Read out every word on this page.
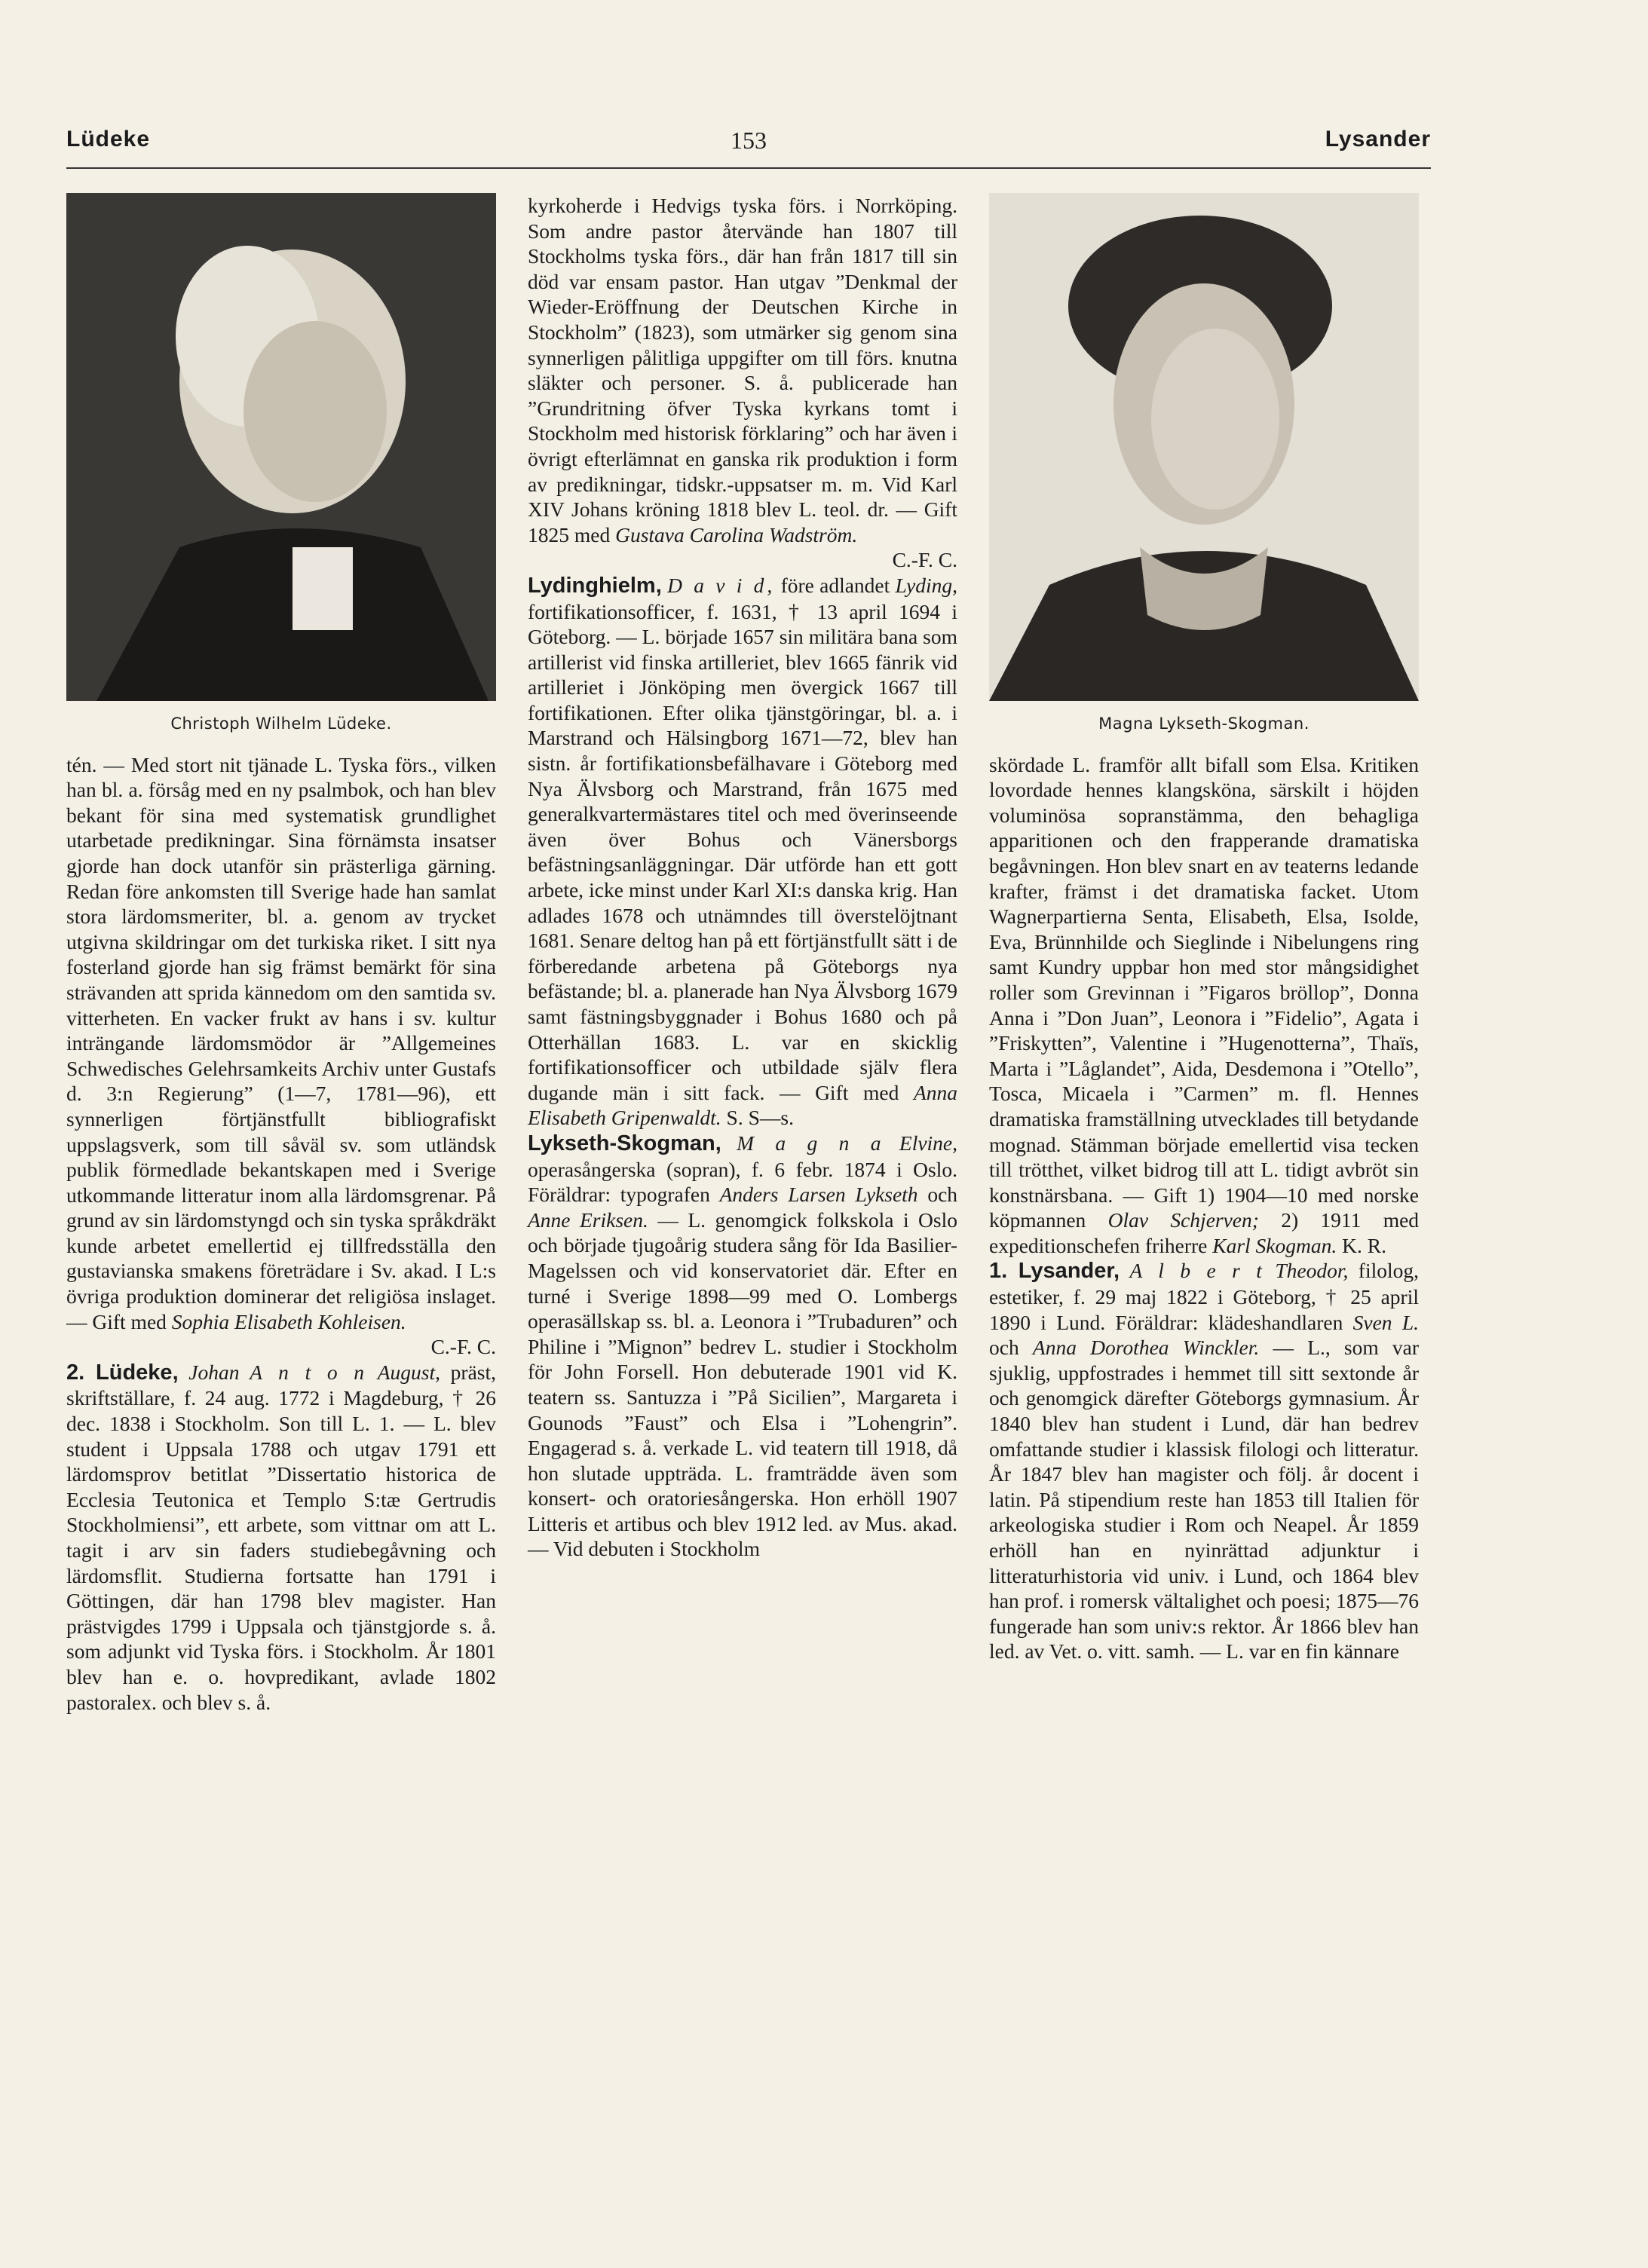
Lüdeke	153	Lysander
Christoph Wilhelm Lüdeke.

tén. — Med stort nit tjänade L. Tyska förs., vilken han bl. a. försåg med en ny psalmbok, och han blev bekant för sina med systematisk grundlighet utarbetade predikningar. Sina förnämsta insatser gjorde han dock utanför sin prästerliga gärning. Redan före ankomsten till Sverige hade han samlat stora lärdomsmeriter, bl. a. genom av trycket utgivna skildringar om det turkiska riket. I sitt nya fosterland gjorde han sig främst bemärkt för sina strävanden att sprida kännedom om den samtida sv. vitterheten. En vacker frukt av hans i sv. kultur inträngande lärdomsmödor är ”Allgemeines Schwedisches Gelehrsamkeits Archiv unter Gustafs d. 3:n Regierung” (1—7, 1781—96), ett synnerligen förtjänstfullt bibliografiskt uppslagsverk, som till såväl sv. som utländsk publik förmedlade bekantskapen med i Sverige utkommande litteratur inom alla lärdomsgrenar. På grund av sin lärdomstyngd och sin tyska språkdräkt kunde arbetet emellertid ej tillfredsställa den gustavianska smakens företrädare i Sv. akad. I L:s övriga produktion dominerar det religiösa inslaget. — Gift med Sophia Elisabeth Kohleisen.
C.-F. C.

2. Lüdeke, Johan A n t o n August, präst, skriftställare, f. 24 aug. 1772 i Magdeburg, † 26 dec. 1838 i Stockholm. Son till L. 1. — L. blev student i Uppsala 1788 och utgav 1791 ett lärdomsprov betitlat ”Dissertatio historica de Ecclesia Teutonica et Templo S:tæ Gertrudis Stockholmiensi”, ett arbete, som vittnar om att L. tagit i arv sin faders studiebegåvning och lärdomsflit. Studierna fortsatte han 1791 i Göttingen, där han 1798 blev magister. Han prästvigdes 1799 i Uppsala och tjänstgjorde s. å. som adjunkt vid Tyska förs. i Stockholm. År 1801 blev han e. o. hovpredikant, avlade 1802 pastoralex. och blev s. å.

kyrkoherde i Hedvigs tyska förs. i Norrköping. Som andre pastor återvände han 1807 till Stockholms tyska förs., där han från 1817 till sin död var ensam pastor. Han utgav ”Denkmal der Wieder-Eröffnung der Deutschen Kirche in Stockholm” (1823), som utmärker sig genom sina synnerligen pålitliga uppgifter om till förs. knutna släkter och personer. S. å. publicerade han ”Grundritning öfver Tyska kyrkans tomt i Stockholm med historisk förklaring” och har även i övrigt efterlämnat en ganska rik produktion i form av predikningar, tidskr.-uppsatser m. m. Vid Karl XIV Johans kröning 1818 blev L. teol. dr. — Gift 1825 med Gustava Carolina Wadström.
C.-F. C.

Lydinghielm, D a v i d, före adlandet Lyding, fortifikationsofficer, f. 1631, † 13 april 1694 i Göteborg. — L. började 1657 sin militära bana som artillerist vid finska artilleriet, blev 1665 fänrik vid artilleriet i Jönköping men övergick 1667 till fortifikationen. Efter olika tjänstgöringar, bl. a. i Marstrand och Hälsingborg 1671—72, blev han sistn. år fortifikationsbefälhavare i Göteborg med Nya Älvsborg och Marstrand, från 1675 med generalkvartermästares titel och med överinseende även över Bohus och Vänersborgs befästningsanläggningar. Där utförde han ett gott arbete, icke minst under Karl XI:s danska krig. Han adlades 1678 och utnämndes till överstelöjtnant 1681. Senare deltog han på ett förtjänstfullt sätt i de förberedande arbetena på Göteborgs nya befästande; bl. a. planerade han Nya Älvsborg 1679 samt fästningsbyggnader i Bohus 1680 och på Otterhällan 1683. L. var en skicklig fortifikationsofficer och utbildade själv flera dugande män i sitt fack. — Gift med Anna Elisabeth Gripenwaldt. S. S—s.

Lykseth-Skogman, M a g n a Elvine, operasångerska (sopran), f. 6 febr. 1874 i Oslo. Föräldrar: typografen Anders Larsen Lykseth och Anne Eriksen. — L. genomgick folkskola i Oslo och började tjugoårig studera sång för Ida Basilier-Magelssen och vid konservatoriet där. Efter en turné i Sverige 1898—99 med O. Lombergs operasällskap ss. bl. a. Leonora i ”Trubaduren” och Philine i ”Mignon” bedrev L. studier i Stockholm för John Forsell. Hon debuterade 1901 vid K. teatern ss. Santuzza i ”På Sicilien”, Margareta i Gounods ”Faust” och Elsa i ”Lohengrin”. Engagerad s. å. verkade L. vid teatern till 1918, då hon slutade uppträda. L. framträdde även som konsert- och oratoriesångerska. Hon erhöll 1907 Litteris et artibus och blev 1912 led. av Mus. akad. — Vid debuten i Stockholm

Magna Lykseth-Skogman.

skördade L. framför allt bifall som Elsa. Kritiken lovordade hennes klangsköna, särskilt i höjden voluminösa sopranstämma, den behagliga apparitionen och den frapperande dramatiska begåvningen. Hon blev snart en av teaterns ledande krafter, främst i det dramatiska facket. Utom Wagnerpartierna Senta, Elisabeth, Elsa, Isolde, Eva, Brünnhilde och Sieglinde i Nibelungens ring samt Kundry uppbar hon med stor mångsidighet roller som Grevinnan i ”Figaros bröllop”, Donna Anna i ”Don Juan”, Leonora i ”Fidelio”, Agata i ”Friskytten”, Valentine i ”Hugenotterna”, Thaïs, Marta i ”Låglandet”, Aida, Desdemona i ”Otello”, Tosca, Micaela i ”Carmen” m. fl. Hennes dramatiska framställning utvecklades till betydande mognad. Stämman började emellertid visa tecken till trötthet, vilket bidrog till att L. tidigt avbröt sin konstnärsbana. — Gift 1) 1904—10 med norske köpmannen Olav Schjerven; 2) 1911 med expeditionschefen friherre Karl Skogman. K. R.

1. Lysander, A l b e r t Theodor, filolog, estetiker, f. 29 maj 1822 i Göteborg, † 25 april 1890 i Lund. Föräldrar: klädeshandlaren Sven L. och Anna Dorothea Winckler. — L., som var sjuklig, uppfostrades i hemmet till sitt sextonde år och genomgick därefter Göteborgs gymnasium. År 1840 blev han student i Lund, där han bedrev omfattande studier i klassisk filologi och litteratur. År 1847 blev han magister och följ. år docent i latin. På stipendium reste han 1853 till Italien för arkeologiska studier i Rom och Neapel. År 1859 erhöll han en nyinrättad adjunktur i litteraturhistoria vid univ. i Lund, och 1864 blev han prof. i romersk vältalighet och poesi; 1875—76 fungerade han som univ:s rektor. År 1866 blev han led. av Vet. o. vitt. samh. — L. var en fin kännare
